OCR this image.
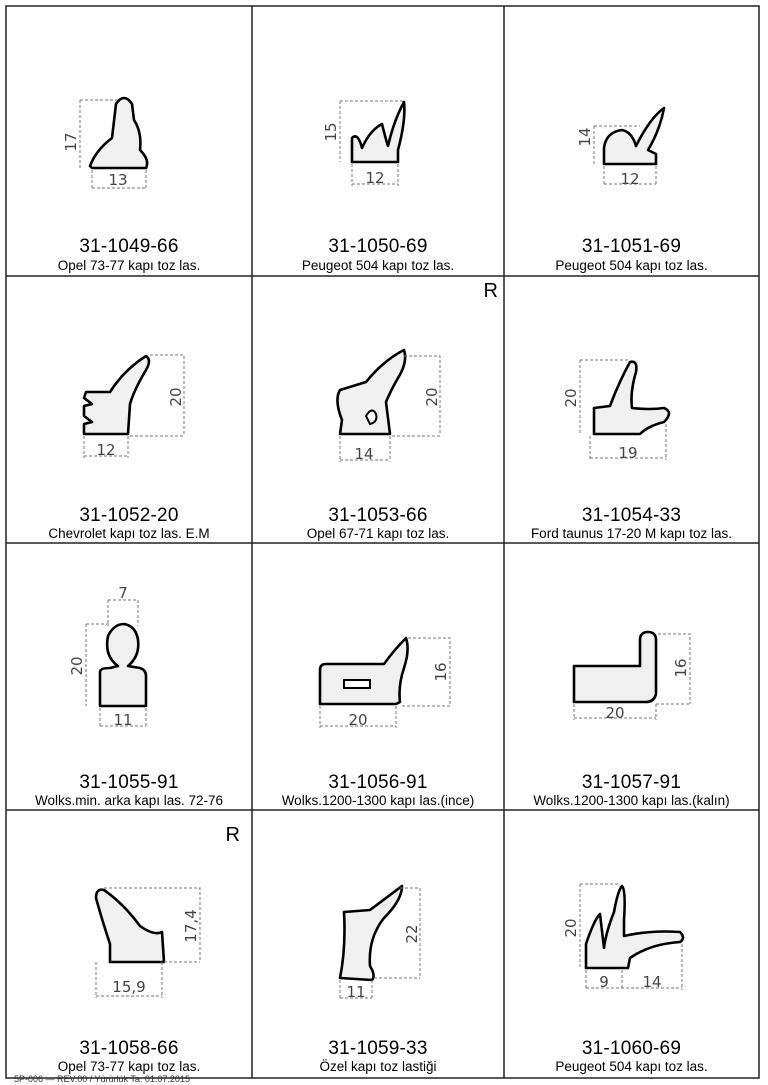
17
13
15
12
14
12
20
12
20
14
20
19
7
20
11
16
20
16
20
17,4
15,9
22
11
20
9 14
31-1049-66
Opel 73-77 kapı toz las.
31-1050-69
Peugeot 504 kapı toz las.
31-1051-69
Peugeot 504 kapı toz las.
31-1052-20
Chevrolet kapı toz las. E.M
R
31-1053-66
Opel 67-71 kapı toz las.
31-1054-33
Ford taunus 17-20 M kapı toz las.
31-1055-91
Wolks.min. arka kapı las. 72-76
31-1056-91
Wolks.1200-1300 kapı las.(ince)
31-1057-91
Wolks.1200-1300 kapı las.(kalın)
R
31-1058-66
Opel 73-77 kapı toz las.
31-1059-33
Özel kapı toz lastiği
31-1060-69
Peugeot 504 kapı toz las.
5P-006 — REV.00 / Yürürlük Ta. 01.07.2015
